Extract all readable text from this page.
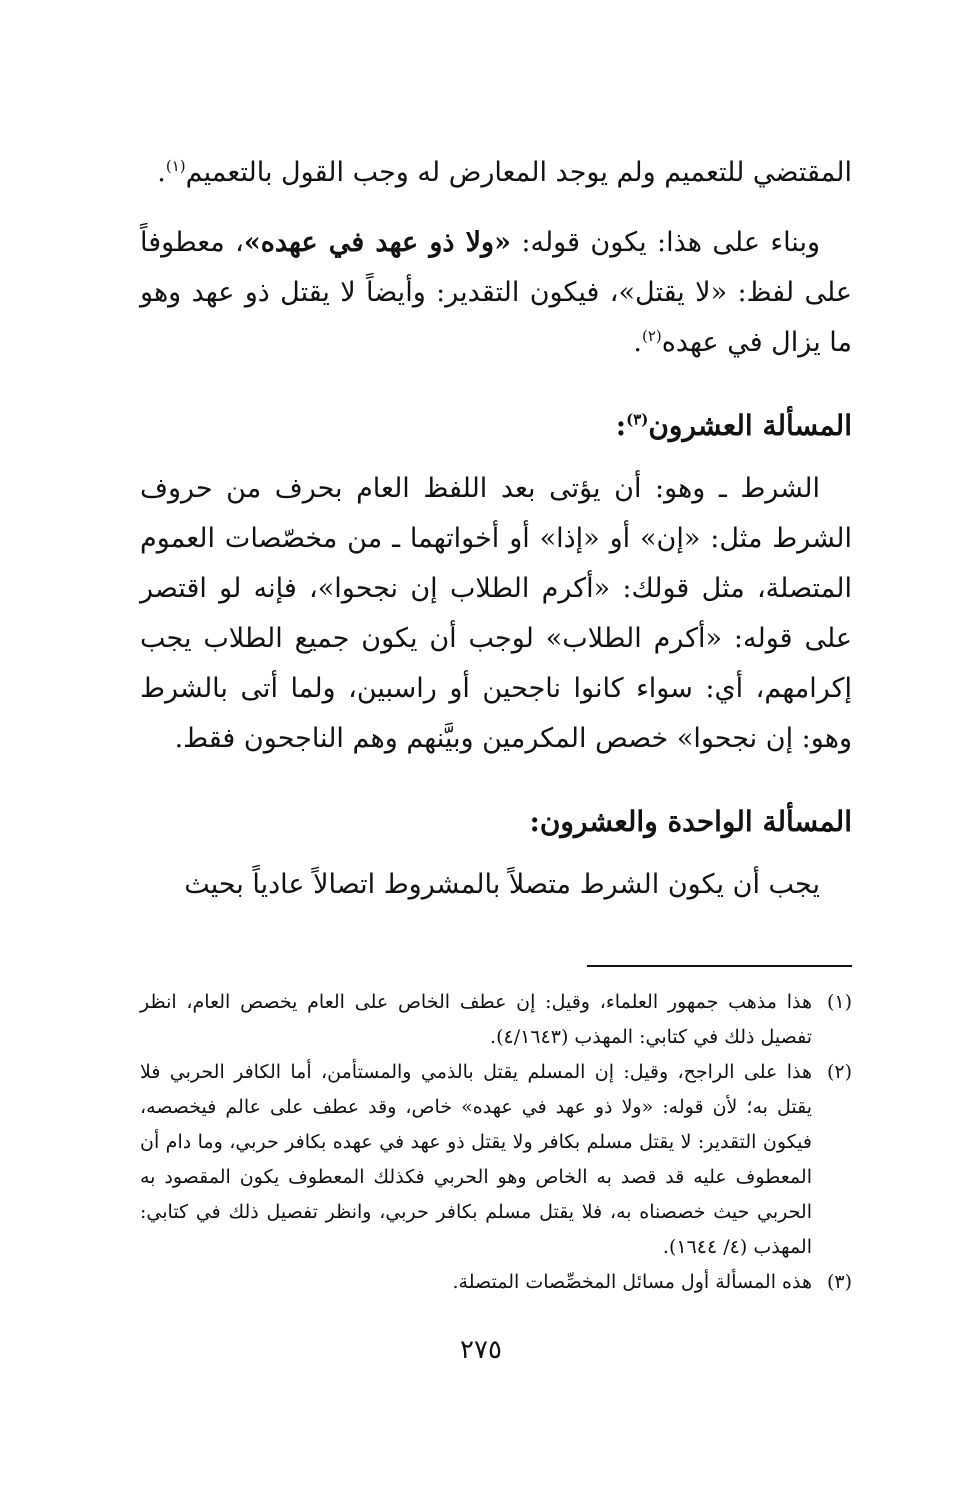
المقتضي للتعميم ولم يوجد المعارض له وجب القول بالتعميم$^{(١)}$.

وبناء على هذا: يكون قوله: «ولا ذو عهد في عهده»، معطوفاً على لفظ: «لا يقتل»، فيكون التقدير: وأيضاً لا يقتل ذو عهد وهو ما يزال في عهده$^{(٢)}$.

المسألة العشرون$^{(٣)}$:

الشرط ـ وهو: أن يؤتى بعد اللفظ العام بحرف من حروف الشرط مثل: «إن» أو «إذا» أو أخواتهما ـ من مخصّصات العموم المتصلة، مثل قولك: «أكرم الطلاب إن نجحوا»، فإنه لو اقتصر على قوله: «أكرم الطلاب» لوجب أن يكون جميع الطلاب يجب إكرامهم، أي: سواء كانوا ناجحين أو راسبين، ولما أتى بالشرط وهو: إن نجحوا» خصص المكرمين وبيَّنهم وهم الناجحون فقط.

المسألة الواحدة والعشرون:

يجب أن يكون الشرط متصلاً بالمشروط اتصالاً عادياً بحيث

(١)
هذا مذهب جمهور العلماء، وقيل: إن عطف الخاص على العام يخصص العام، انظر تفصيل ذلك في كتابي: المهذب (٤/١٦٤٣).
(٢)
هذا على الراجح، وقيل: إن المسلم يقتل بالذمي والمستأمن، أما الكافر الحربي فلا يقتل به؛ لأن قوله: «ولا ذو عهد في عهده» خاص، وقد عطف على عالم فيخصصه، فيكون التقدير: لا يقتل مسلم بكافر ولا يقتل ذو عهد في عهده بكافر حربي، وما دام أن المعطوف عليه قد قصد به الخاص وهو الحربي فكذلك المعطوف يكون المقصود به الحربي حيث خصصناه به، فلا يقتل مسلم بكافر حربي، وانظر تفصيل ذلك في كتابي: المهذب (٤/ ١٦٤٤).
(٣)
هذه المسألة أول مسائل المخصِّصات المتصلة.
٢٧٥
